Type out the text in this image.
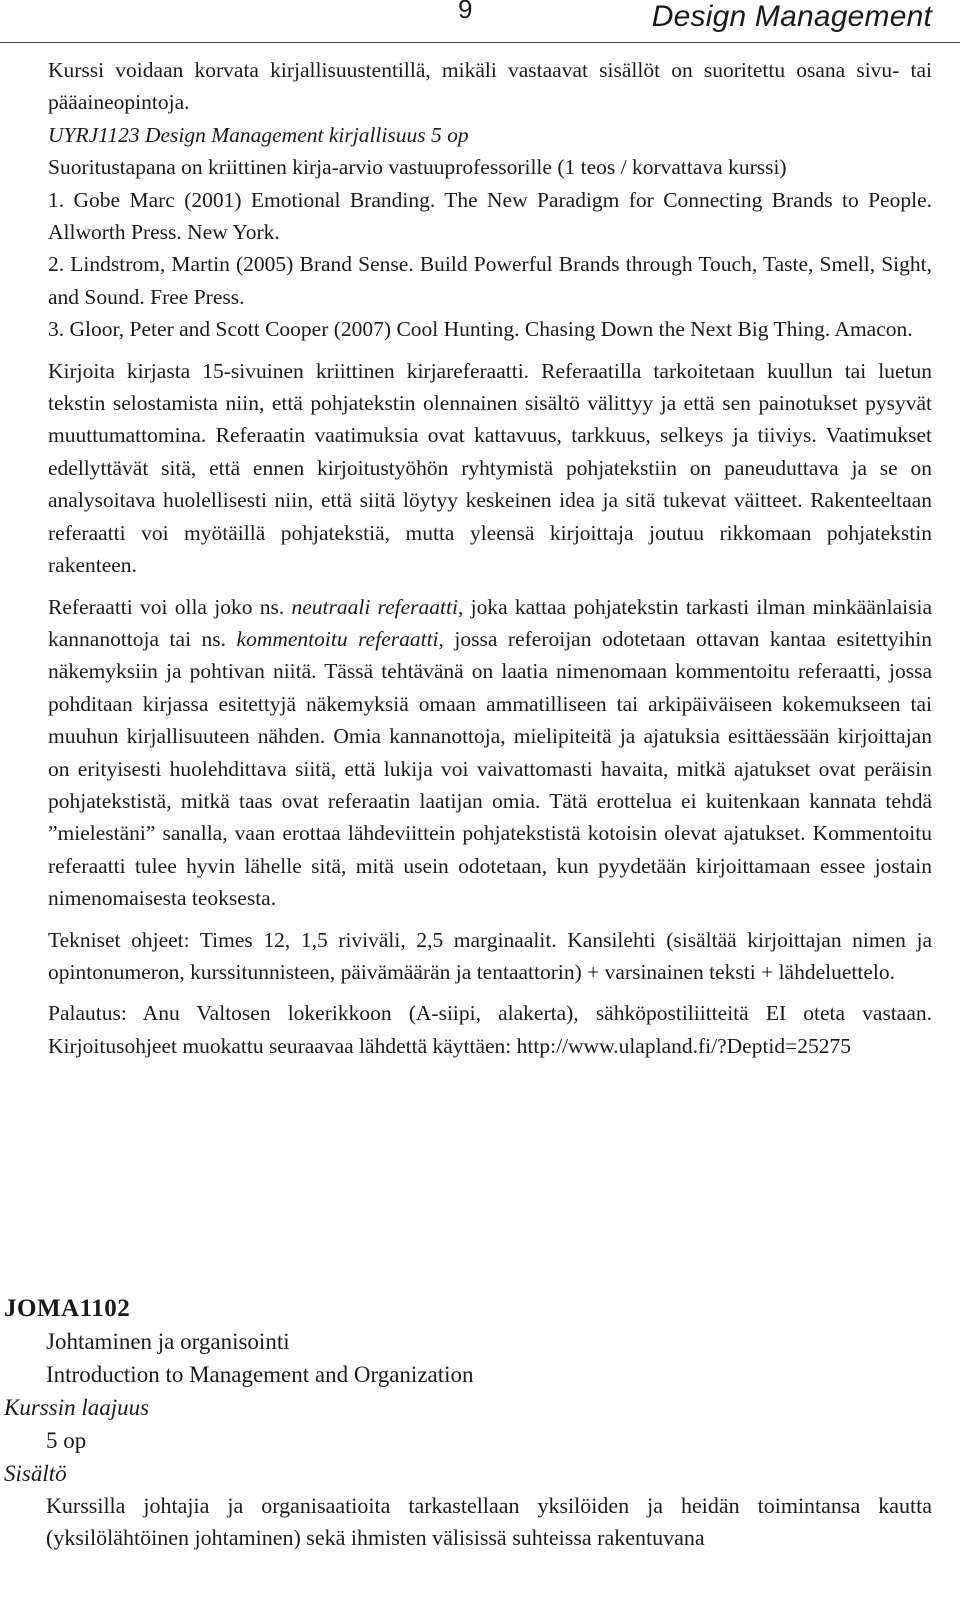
9	Design Management

Kurssi voidaan korvata kirjallisuustentillä, mikäli vastaavat sisällöt on suoritettu osana sivu- tai pääaineopintoja.

UYRJ1123 Design Management kirjallisuus 5 op

Suoritustapana on kriittinen kirja-arvio vastuuprofessorille (1 teos / korvattava kurssi)

1. Gobe Marc (2001) Emotional Branding. The New Paradigm for Connecting Brands to People. Allworth Press. New York.

2. Lindstrom, Martin (2005) Brand Sense. Build Powerful Brands through Touch, Taste, Smell, Sight, and Sound. Free Press.

3. Gloor, Peter and Scott Cooper (2007) Cool Hunting. Chasing Down the Next Big Thing. Amacon.

Kirjoita kirjasta 15-sivuinen kriittinen kirjareferaatti. Referaatilla tarkoitetaan kuullun tai luetun tekstin selostamista niin, että pohjatekstin olennainen sisältö välittyy ja että sen painotukset pysyvät muuttumattomina. Referaatin vaatimuksia ovat kattavuus, tarkkuus, selkeys ja tiiviys. Vaatimukset edellyttävät sitä, että ennen kirjoitustyöhön ryhtymistä pohjatekstiin on paneuduttava ja se on analysoitava huolellisesti niin, että siitä löytyy keskeinen idea ja sitä tukevat väitteet. Rakenteeltaan referaatti voi myötäillä pohjatekstiä, mutta yleensä kirjoittaja joutuu rikkomaan pohjatekstin rakenteen.

Referaatti voi olla joko ns. neutraali referaatti, joka kattaa pohjatekstin tarkasti ilman minkäänlaisia kannanottoja tai ns. kommentoitu referaatti, jossa referoijan odotetaan ottavan kantaa esitettyihin näkemyksiin ja pohtivan niitä. Tässä tehtävänä on laatia nimenomaan kommentoitu referaatti, jossa pohditaan kirjassa esitettyjä näkemyksiä omaan ammatilliseen tai arkipäiväiseen kokemukseen tai muuhun kirjallisuuteen nähden. Omia kannanottoja, mielipiteitä ja ajatuksia esittäessään kirjoittajan on erityisesti huolehdittava siitä, että lukija voi vaivattomasti havaita, mitkä ajatukset ovat peräisin pohjatekstistä, mitkä taas ovat referaatin laatijan omia. Tätä erottelua ei kuitenkaan kannata tehdä ”mielestäni” sanalla, vaan erottaa lähdeviittein pohjatekstistä kotoisin olevat ajatukset. Kommentoitu referaatti tulee hyvin lähelle sitä, mitä usein odotetaan, kun pyydetään kirjoittamaan essee jostain nimenomaisesta teoksesta.

Tekniset ohjeet: Times 12, 1,5 riviväli, 2,5 marginaalit. Kansilehti (sisältää kirjoittajan nimen ja opintonumeron, kurssitunnisteen, päivämäärän ja tentaattorin) + varsinainen teksti + lähdeluettelo.

Palautus: Anu Valtosen lokerikkoon (A-siipi, alakerta), sähköpostiliitteitä EI oteta vastaan. Kirjoitusohjeet muokattu seuraavaa lähdettä käyttäen: http://www.ulapland.fi/?Deptid=25275

JOMA1102

Johtaminen ja organisointi

Introduction to Management and Organization

Kurssin laajuus

5 op

Sisältö

Kurssilla johtajia ja organisaatioita tarkastellaan yksilöiden ja heidän toimintansa kautta (yksilölähtöinen johtaminen) sekä ihmisten välisissä suhteissa rakentuvana
